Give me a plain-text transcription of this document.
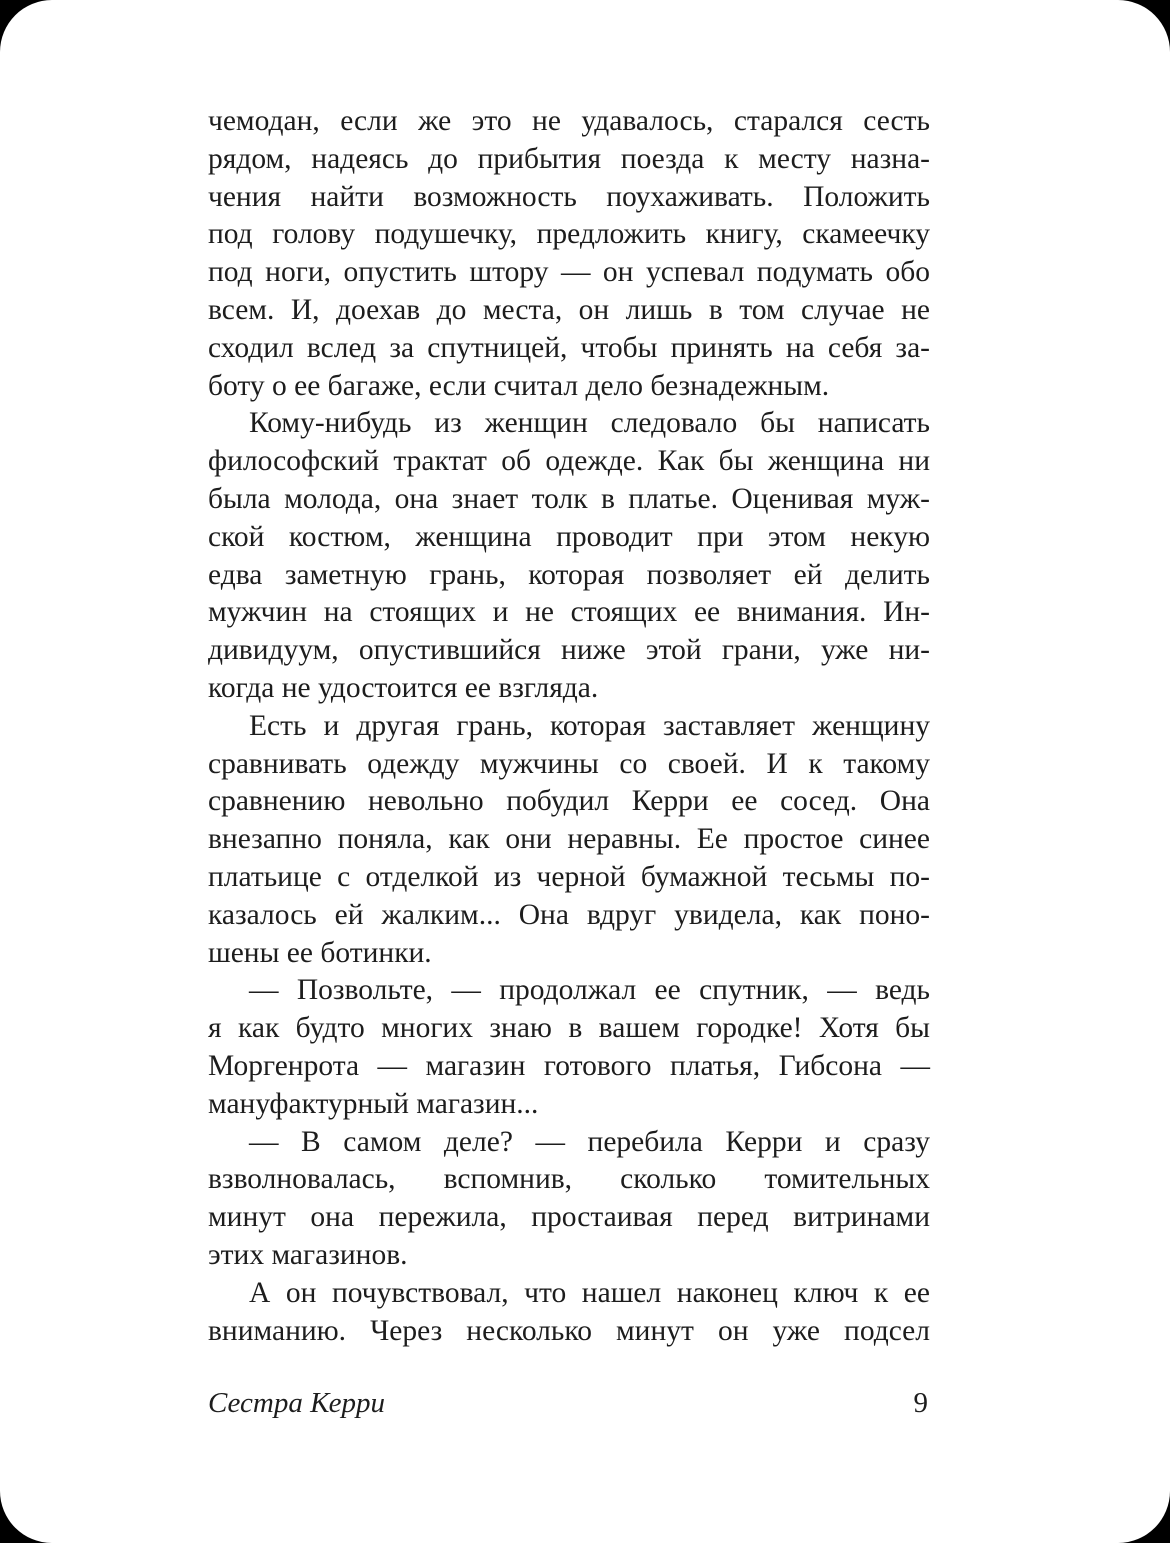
чемодан, если же это не удавалось, старался сесть
рядом, надеясь до прибытия поезда к месту назна-
чения найти возможность поухаживать. Положить
под голову подушечку, предложить книгу, скамеечку
под ноги, опустить штору — он успевал подумать обо
всем. И, доехав до места, он лишь в том случае не
сходил вслед за спутницей, чтобы принять на себя за-
боту о ее багаже, если считал дело безнадежным.
Кому-нибудь из женщин следовало бы написать
философский трактат об одежде. Как бы женщина ни
была молода, она знает толк в платье. Оценивая муж-
ской костюм, женщина проводит при этом некую
едва заметную грань, которая позволяет ей делить
мужчин на стоящих и не стоящих ее внимания. Ин-
дивидуум, опустившийся ниже этой грани, уже ни-
когда не удостоится ее взгляда.
Есть и другая грань, которая заставляет женщину
сравнивать одежду мужчины со своей. И к такому
сравнению невольно побудил Керри ее сосед. Она
внезапно поняла, как они неравны. Ее простое синее
платьице с отделкой из черной бумажной тесьмы по-
казалось ей жалким... Она вдруг увидела, как поно-
шены ее ботинки.
— Позвольте, — продолжал ее спутник, — ведь
я как будто многих знаю в вашем городке! Хотя бы
Моргенрота — магазин готового платья, Гибсона —
мануфактурный магазин...
— В самом деле? — перебила Керри и сразу
взволновалась, вспомнив, сколько томительных
минут она пережила, простаивая перед витринами
этих магазинов.
А он почувствовал, что нашел наконец ключ к ее
вниманию. Через несколько минут он уже подсел
Сестра Керри	9
